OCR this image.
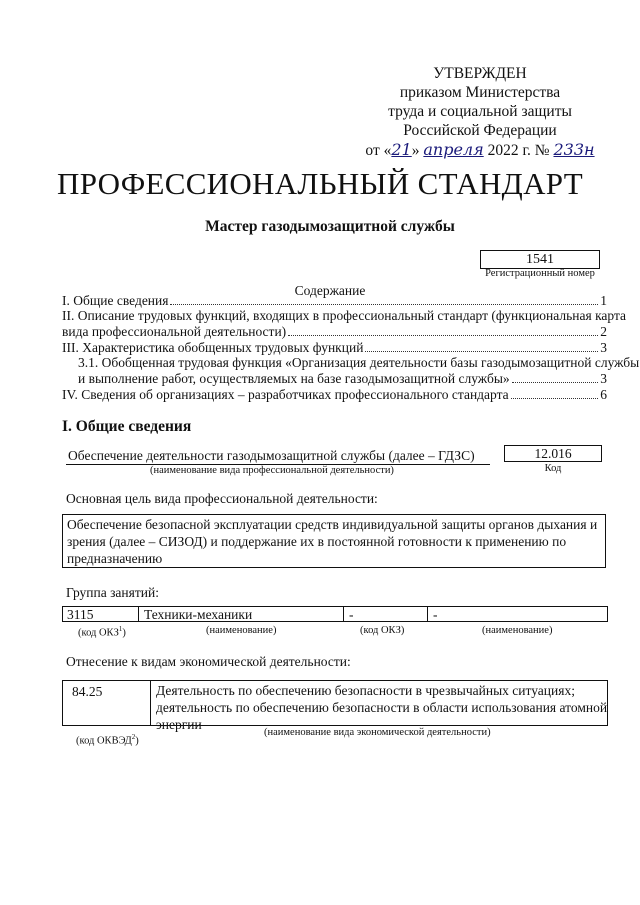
УТВЕРЖДЕН
приказом Министерства
труда и социальной защиты
Российской Федерации
от «21» апреля 2022 г. № 233н
ПРОФЕССИОНАЛЬНЫЙ СТАНДАРТ
Мастер газодымозащитной службы
1541
Регистрационный номер
Содержание
I. Общие сведения	1
II. Описание трудовых функций, входящих в профессиональный стандарт (функциональная карта
вида профессиональной деятельности)	2
III. Характеристика обобщенных трудовых функций	3
3.1. Обобщенная трудовая функция «Организация деятельности базы газодымозащитной службы
и выполнение работ, осуществляемых на базе газодымозащитной службы»	3
IV. Сведения об организациях – разработчиках профессионального стандарта	6
I. Общие сведения
Обеспечение деятельности газодымозащитной службы (далее – ГДЗС)
(наименование вида профессиональной деятельности)
12.016
Код
Основная цель вида профессиональной деятельности:
Обеспечение безопасной эксплуатации средств индивидуальной защиты органов дыхания и
зрения (далее – СИЗОД) и поддержание их в постоянной готовности к применению по
предназначению
Группа занятий:
3115	Техники-механики	-	-
(код ОКЗ$^1$)	(наименование)	(код ОКЗ)	(наименование)
Отнесение к видам экономической деятельности:
84.25	Деятельность по обеспечению безопасности в чрезвычайных ситуациях;
деятельность по обеспечению безопасности в области использования атомной
энергии
(код ОКВЭД$^2$)
(наименование вида экономической деятельности)
